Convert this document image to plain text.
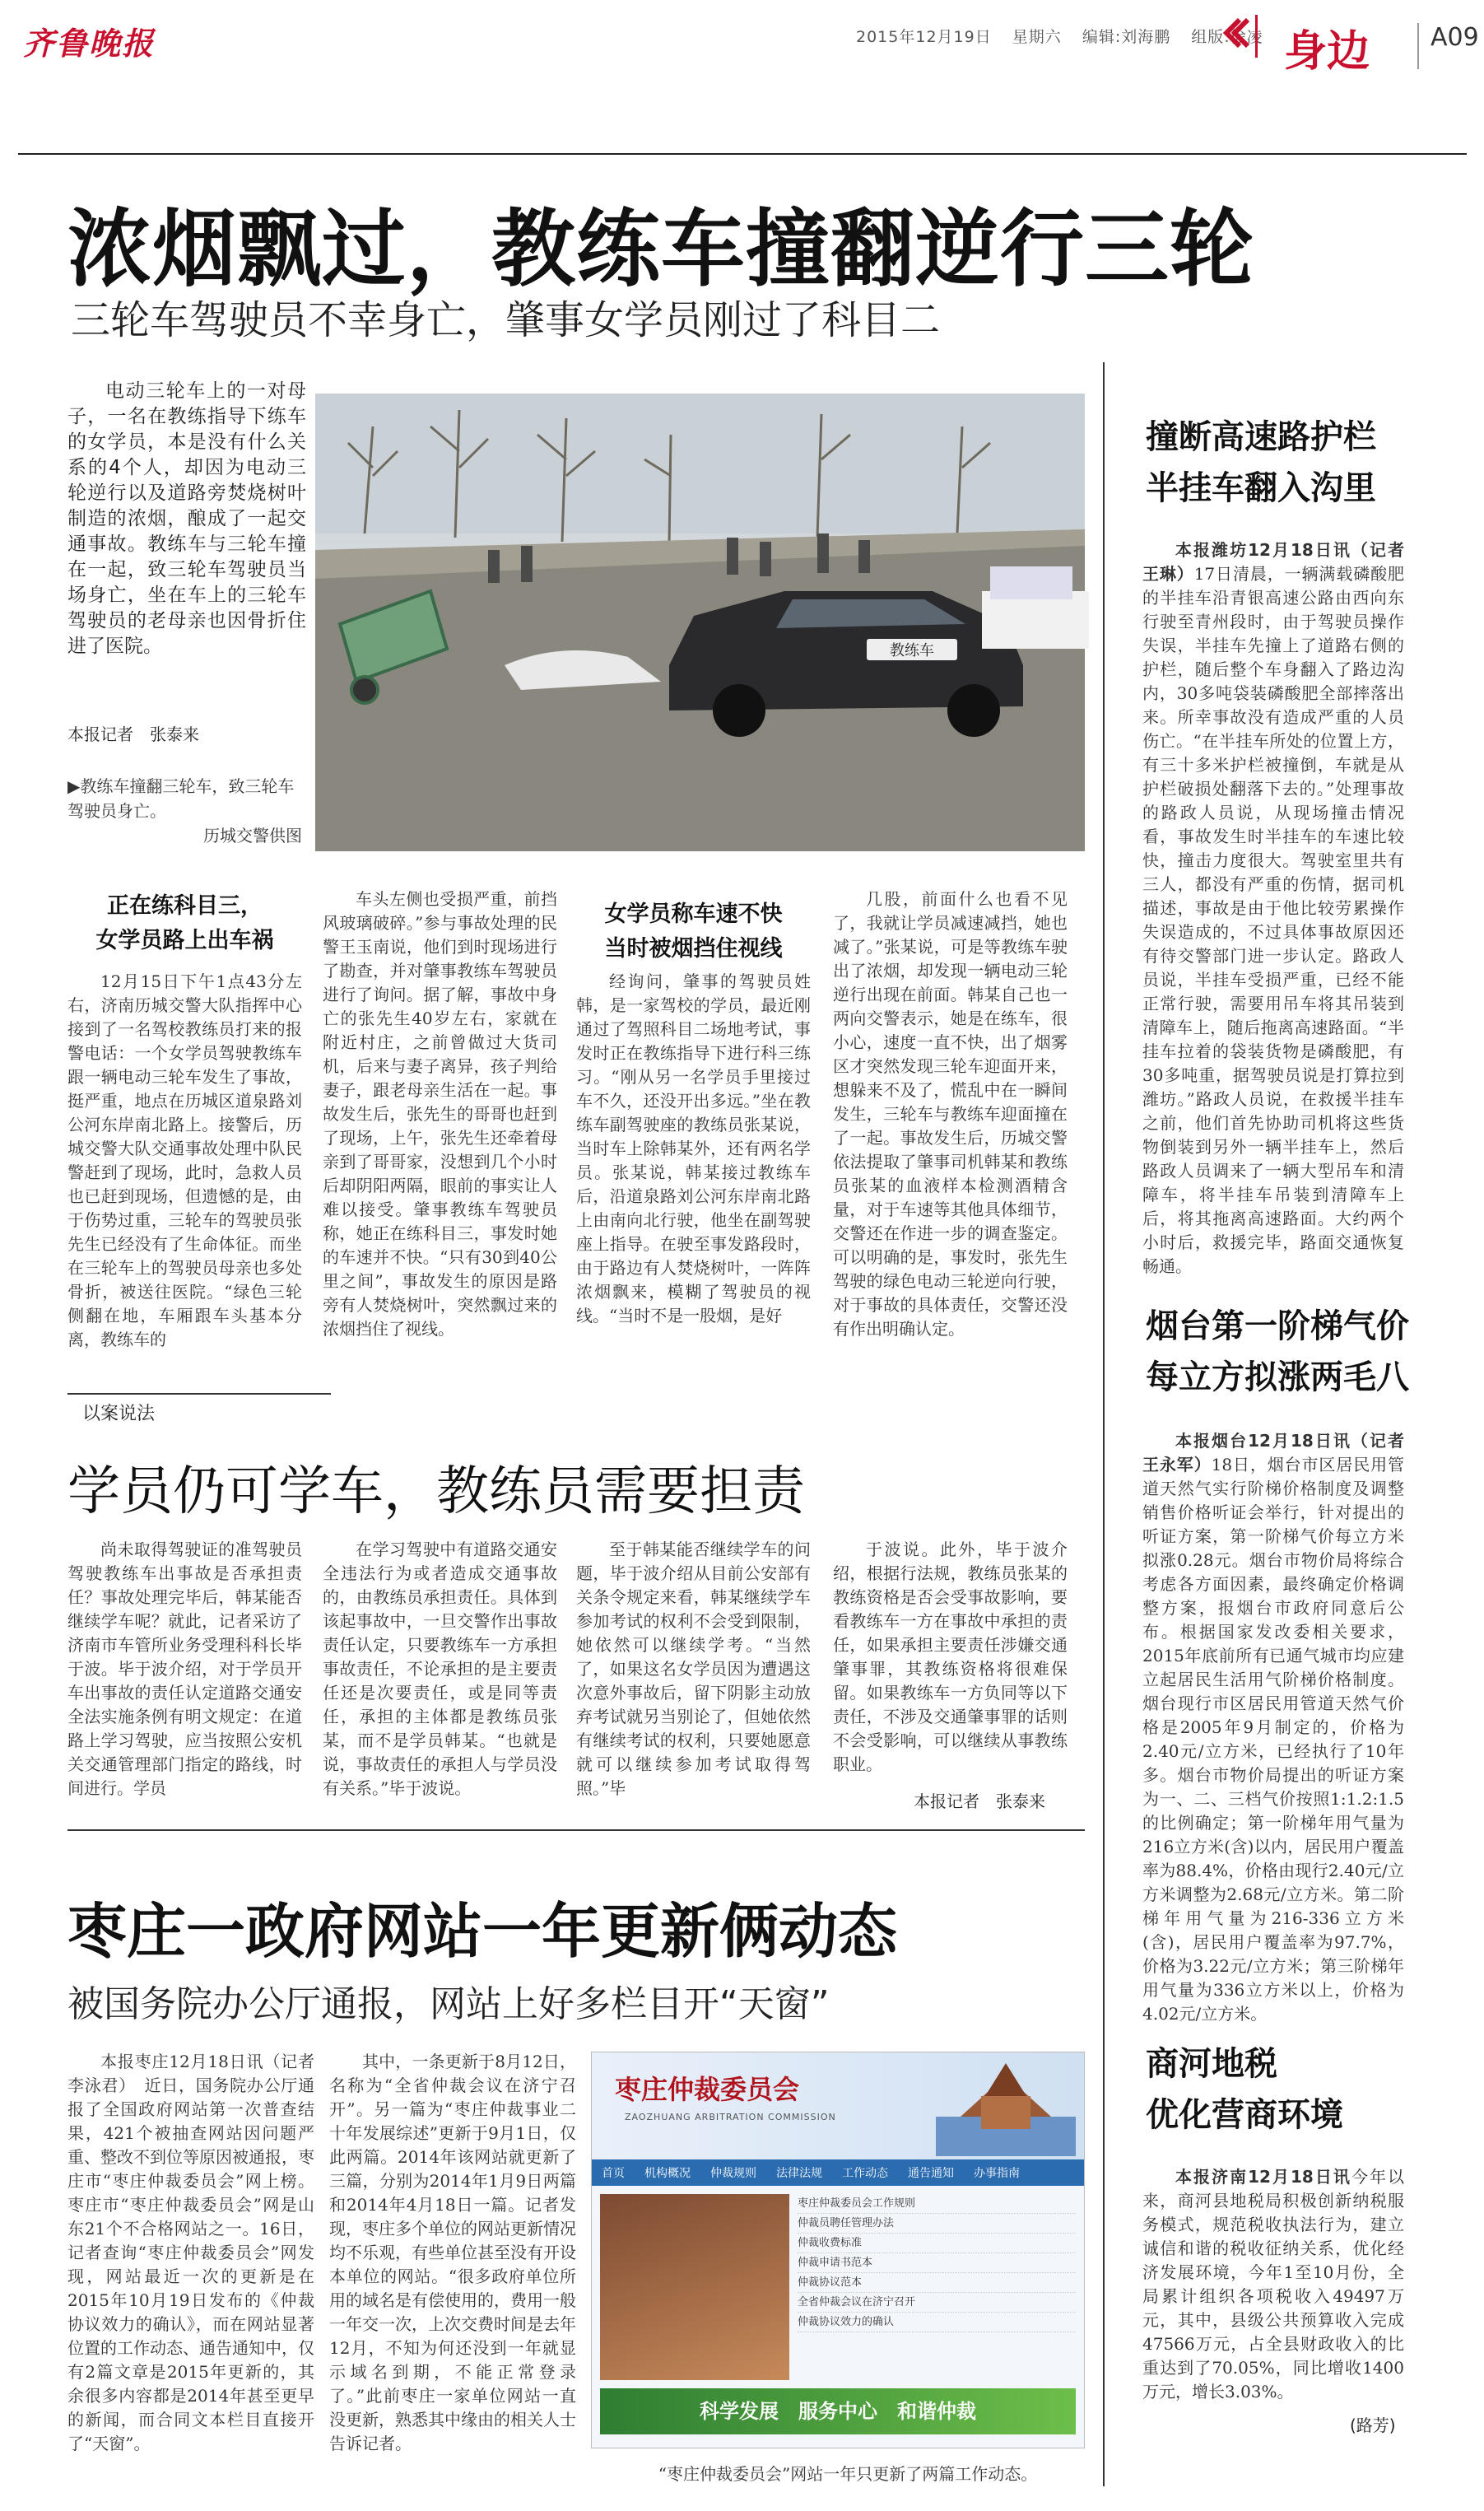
齐鲁晚报	2015年12月19日 星期六 编辑:刘海鹏 组版:徐凌 身边	A09
浓烟飘过，教练车撞翻逆行三轮
三轮车驾驶员不幸身亡，肇事女学员刚过了科目二
电动三轮车上的一对母子，一名在教练指导下练车的女学员，本是没有什么关系的4个人，却因为电动三轮逆行以及道路旁焚烧树叶制造的浓烟，酿成了一起交通事故。教练车与三轮车撞在一起，致三轮车驾驶员当场身亡，坐在车上的三轮车驾驶员的老母亲也因骨折住进了医院。
本报记者　张泰来
教练车
▶教练车撞翻三轮车，致三轮车驾驶员身亡。
历城交警供图
正在练科目三，
女学员路上出车祸
12月15日下午1点43分左右，济南历城交警大队指挥中心接到了一名驾校教练员打来的报警电话：一个女学员驾驶教练车跟一辆电动三轮车发生了事故，挺严重，地点在历城区道泉路刘公河东岸南北路上。接警后，历城交警大队交通事故处理中队民警赶到了现场，此时，急救人员也已赶到现场，但遗憾的是，由于伤势过重，三轮车的驾驶员张先生已经没有了生命体征。而坐在三轮车上的驾驶员母亲也多处骨折，被送往医院。“绿色三轮侧翻在地，车厢跟车头基本分离，教练车的
车头左侧也受损严重，前挡风玻璃破碎。”参与事故处理的民警王玉南说，他们到时现场进行了勘查，并对肇事教练车驾驶员进行了询问。据了解，事故中身亡的张先生40岁左右，家就在附近村庄，之前曾做过大货司机，后来与妻子离异，孩子判给妻子，跟老母亲生活在一起。事故发生后，张先生的哥哥也赶到了现场，上午，张先生还牵着母亲到了哥哥家，没想到几个小时后却阴阳两隔，眼前的事实让人难以接受。肇事教练车驾驶员称，她正在练科目三，事发时她的车速并不快。“只有30到40公里之间”，事故发生的原因是路旁有人焚烧树叶，突然飘过来的浓烟挡住了视线。
女学员称车速不快
当时被烟挡住视线
经询问，肇事的驾驶员姓韩，是一家驾校的学员，最近刚通过了驾照科目二场地考试，事发时正在教练指导下进行科三练习。“刚从另一名学员手里接过车不久，还没开出多远。”坐在教练车副驾驶座的教练员张某说，当时车上除韩某外，还有两名学员。张某说，韩某接过教练车后，沿道泉路刘公河东岸南北路上由南向北行驶，他坐在副驾驶座上指导。在驶至事发路段时，由于路边有人焚烧树叶，一阵阵浓烟飘来，模糊了驾驶员的视线。“当时不是一股烟，是好
几股，前面什么也看不见了，我就让学员减速减挡，她也减了。”张某说，可是等教练车驶出了浓烟，却发现一辆电动三轮逆行出现在前面。韩某自己也一两向交警表示，她是在练车，很小心，速度一直不快，出了烟雾区才突然发现三轮车迎面开来，想躲来不及了，慌乱中在一瞬间发生，三轮车与教练车迎面撞在了一起。事故发生后，历城交警依法提取了肇事司机韩某和教练员张某的血液样本检测酒精含量，对于车速等其他具体细节，交警还在作进一步的调查鉴定。可以明确的是，事发时，张先生驾驶的绿色电动三轮逆向行驶，对于事故的具体责任，交警还没有作出明确认定。
以案说法
学员仍可学车，教练员需要担责
尚未取得驾驶证的准驾驶员驾驶教练车出事故是否承担责任？事故处理完毕后，韩某能否继续学车呢？就此，记者采访了济南市车管所业务受理科科长毕于波。毕于波介绍，对于学员开车出事故的责任认定道路交通安全法实施条例有明文规定：在道路上学习驾驶，应当按照公安机关交通管理部门指定的路线，时间进行。学员
在学习驾驶中有道路交通安全违法行为或者造成交通事故的，由教练员承担责任。具体到该起事故中，一旦交警作出事故责任认定，只要教练车一方承担事故责任，不论承担的是主要责任还是次要责任，或是同等责任，承担的主体都是教练员张某，而不是学员韩某。“也就是说，事故责任的承担人与学员没有关系。”毕于波说。
至于韩某能否继续学车的问题，毕于波介绍从目前公安部有关条令规定来看，韩某继续学车参加考试的权利不会受到限制，她依然可以继续学考。“当然了，如果这名女学员因为遭遇这次意外事故后，留下阴影主动放弃考试就另当别论了，但她依然有继续考试的权利，只要她愿意就可以继续参加考试取得驾照。”毕
于波说。此外，毕于波介绍，根据行法规，教练员张某的教练资格是否会受事故影响，要看教练车一方在事故中承担的责任，如果承担主要责任涉嫌交通肇事罪，其教练资格将很难保留。如果教练车一方负同等以下责任，不涉及交通肇事罪的话则不会受影响，可以继续从事教练职业。
本报记者　张泰来
枣庄一政府网站一年更新俩动态
被国务院办公厅通报，网站上好多栏目开“天窗”
本报枣庄12月18日讯（记者　李泳君）　近日，国务院办公厅通报了全国政府网站第一次普查结果，421个被抽查网站因问题严重、整改不到位等原因被通报，枣庄市“枣庄仲裁委员会”网上榜。枣庄市“枣庄仲裁委员会”网是山东21个不合格网站之一。16日，记者查询“枣庄仲裁委员会”网发现，网站最近一次的更新是在2015年10月19日发布的《仲裁协议效力的确认》，而在网站显著位置的工作动态、通告通知中，仅有2篇文章是2015年更新的，其余很多内容都是2014年甚至更早的新闻，而合同文本栏目直接开了“天窗”。
其中，一条更新于8月12日，名称为“全省仲裁会议在济宁召开”。另一篇为“枣庄仲裁事业二十年发展综述”更新于9月1日，仅此两篇。2014年该网站就更新了三篇，分别为2014年1月9日两篇和2014年4月18日一篇。记者发现，枣庄多个单位的网站更新情况均不乐观，有些单位甚至没有开设本单位的网站。“很多政府单位所用的域名是有偿使用的，费用一般一年交一次，上次交费时间是去年12月，不知为何还没到一年就显示域名到期，不能正常登录了。”此前枣庄一家单位网站一直没更新，熟悉其中缘由的相关人士告诉记者。
枣庄仲裁委员会
ZAOZHUANG ARBITRATION COMMISSION
首页 机构概况 仲裁规则 法律法规 工作动态 通告通知 办事指南
枣庄仲裁委员会工作规则
仲裁员聘任管理办法
仲裁收费标准
仲裁申请书范本
仲裁协议范本
全省仲裁会议在济宁召开
仲裁协议效力的确认
科学发展　服务中心　和谐仲裁
“枣庄仲裁委员会”网站一年只更新了两篇工作动态。
撞断高速路护栏
半挂车翻入沟里
本报潍坊12月18日讯（记者　王琳）17日清晨，一辆满载磷酸肥的半挂车沿青银高速公路由西向东行驶至青州段时，由于驾驶员操作失误，半挂车先撞上了道路右侧的护栏，随后整个车身翻入了路边沟内，30多吨袋装磷酸肥全部摔落出来。所幸事故没有造成严重的人员伤亡。“在半挂车所处的位置上方，有三十多米护栏被撞倒，车就是从护栏破损处翻落下去的。”处理事故的路政人员说，从现场撞击情况看，事故发生时半挂车的车速比较快，撞击力度很大。驾驶室里共有三人，都没有严重的伤情，据司机描述，事故是由于他比较劳累操作失误造成的，不过具体事故原因还有待交警部门进一步认定。路政人员说，半挂车受损严重，已经不能正常行驶，需要用吊车将其吊装到清障车上，随后拖离高速路面。“半挂车拉着的袋装货物是磷酸肥，有30多吨重，据驾驶员说是打算拉到潍坊。”路政人员说，在救援半挂车之前，他们首先协助司机将这些货物倒装到另外一辆半挂车上，然后路政人员调来了一辆大型吊车和清障车，将半挂车吊装到清障车上后，将其拖离高速路面。大约两个小时后，救援完毕，路面交通恢复畅通。
烟台第一阶梯气价
每立方拟涨两毛八
本报烟台12月18日讯（记者　王永军）18日，烟台市区居民用管道天然气实行阶梯价格制度及调整销售价格听证会举行，针对提出的听证方案，第一阶梯气价每立方米拟涨0.28元。烟台市物价局将综合考虑各方面因素，最终确定价格调整方案，报烟台市政府同意后公布。根据国家发改委相关要求，2015年底前所有已通气城市均应建立起居民生活用气阶梯价格制度。烟台现行市区居民用管道天然气价格是2005年9月制定的，价格为2.40元/立方米，已经执行了10年多。烟台市物价局提出的听证方案为一、二、三档气价按照1:1.2:1.5的比例确定；第一阶梯年用气量为216立方米(含)以内，居民用户覆盖率为88.4%，价格由现行2.40元/立方米调整为2.68元/立方米。第二阶梯年用气量为216-336立方米(含)，居民用户覆盖率为97.7%，价格为3.22元/立方米；第三阶梯年用气量为336立方米以上，价格为4.02元/立方米。
商河地税
优化营商环境
本报济南12月18日讯今年以来，商河县地税局积极创新纳税服务模式，规范税收执法行为，建立诚信和谐的税收征纳关系，优化经济发展环境，今年1至10月份，全局累计组织各项税收入49497万元，其中，县级公共预算收入完成47566万元，占全县财政收入的比重达到了70.05%，同比增收1400万元，增长3.03%。
(路芳)
